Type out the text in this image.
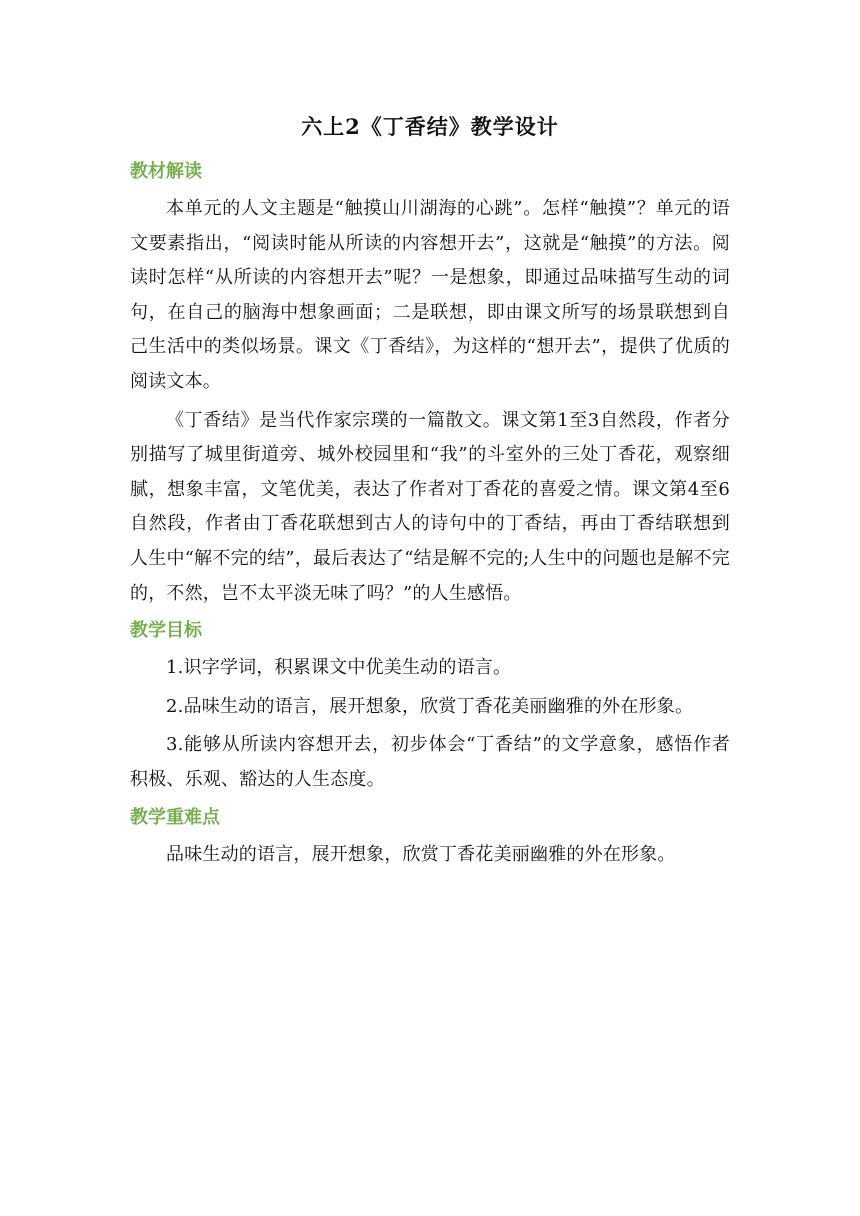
六上2《丁香结》教学设计
教材解读

本单元的人文主题是“触摸山川湖海的心跳”。怎样“触摸”？单元的语文要素指出，“阅读时能从所读的内容想开去”，这就是“触摸”的方法。阅读时怎样“从所读的内容想开去”呢？一是想象，即通过品味描写生动的词句，在自己的脑海中想象画面；二是联想，即由课文所写的场景联想到自己生活中的类似场景。课文《丁香结》，为这样的“想开去”，提供了优质的阅读文本。

《丁香结》是当代作家宗璞的一篇散文。课文第1至3自然段，作者分别描写了城里街道旁、城外校园里和“我”的斗室外的三处丁香花，观察细腻，想象丰富，文笔优美，表达了作者对丁香花的喜爱之情。课文第4至6自然段，作者由丁香花联想到古人的诗句中的丁香结，再由丁香结联想到人生中“解不完的结”，最后表达了“结是解不完的;人生中的问题也是解不完的，不然，岂不太平淡无味了吗？”的人生感悟。

教学目标

1.识字学词，积累课文中优美生动的语言。

2.品味生动的语言，展开想象，欣赏丁香花美丽幽雅的外在形象。

3.能够从所读内容想开去，初步体会“丁香结”的文学意象，感悟作者积极、乐观、豁达的人生态度。

教学重难点

品味生动的语言，展开想象，欣赏丁香花美丽幽雅的外在形象。
